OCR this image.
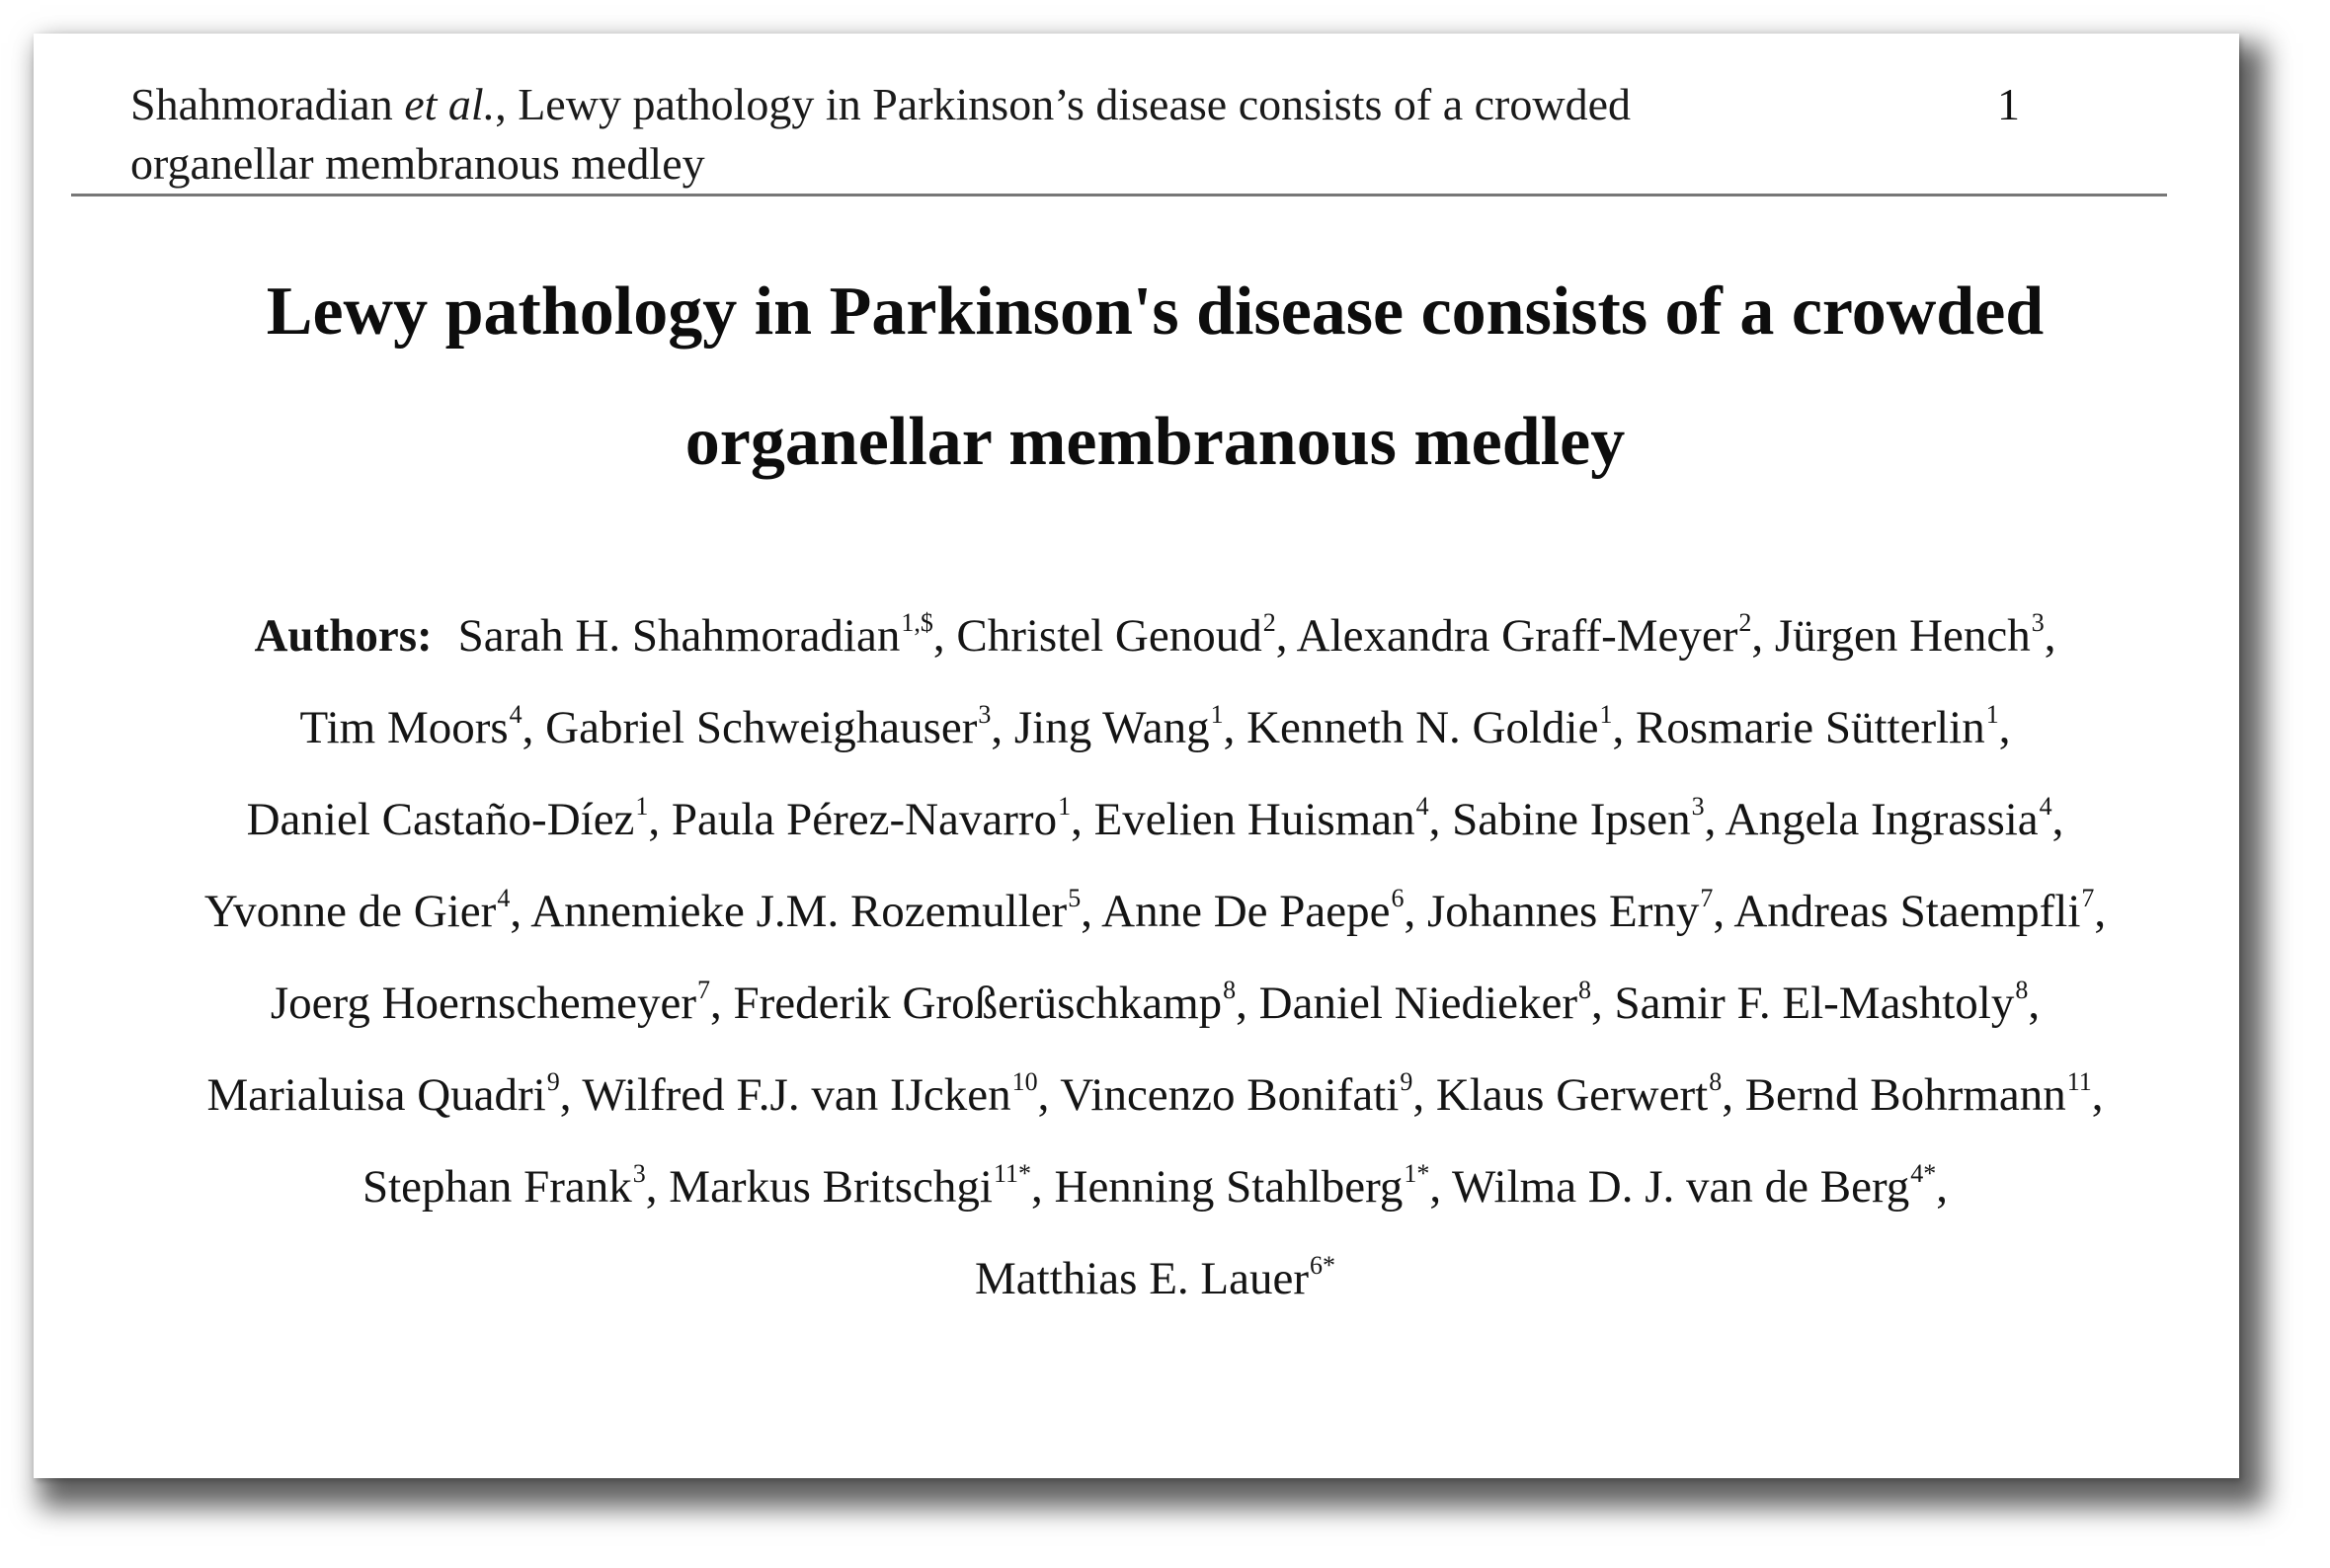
Shahmoradian et al., Lewy pathology in Parkinson’s disease consists of a crowded
organellar membranous medley
1
Lewy pathology in Parkinson's disease consists of a crowded organellar membranous medley
Authors: Sarah H. Shahmoradian$^{1,\$}$, Christel Genoud$^2$, Alexandra Graff-Meyer$^2$, Jürgen Hench$^3$, Tim Moors$^4$, Gabriel Schweighauser$^3$, Jing Wang$^1$, Kenneth N. Goldie$^1$, Rosmarie Sütterlin$^1$, Daniel Castaño-Díez$^1$, Paula Pérez-Navarro$^1$, Evelien Huisman$^4$, Sabine Ipsen$^3$, Angela Ingrassia$^4$, Yvonne de Gier$^4$, Annemieke J.M. Rozemuller$^5$, Anne De Paepe$^6$, Johannes Erny$^7$, Andreas Staempfli$^7$, Joerg Hoernschemeyer$^7$, Frederik Großerüschkamp$^8$, Daniel Niedieker$^8$, Samir F. El-Mashtoly$^8$, Marialuisa Quadri$^9$, Wilfred F.J. van IJcken$^{10}$, Vincenzo Bonifati$^9$, Klaus Gerwert$^8$, Bernd Bohrmann$^{11}$, Stephan Frank$^3$, Markus Britschgi$^{11*}$, Henning Stahlberg$^{1*}$, Wilma D. J. van de Berg$^{4*}$, Matthias E. Lauer$^{6*}$
